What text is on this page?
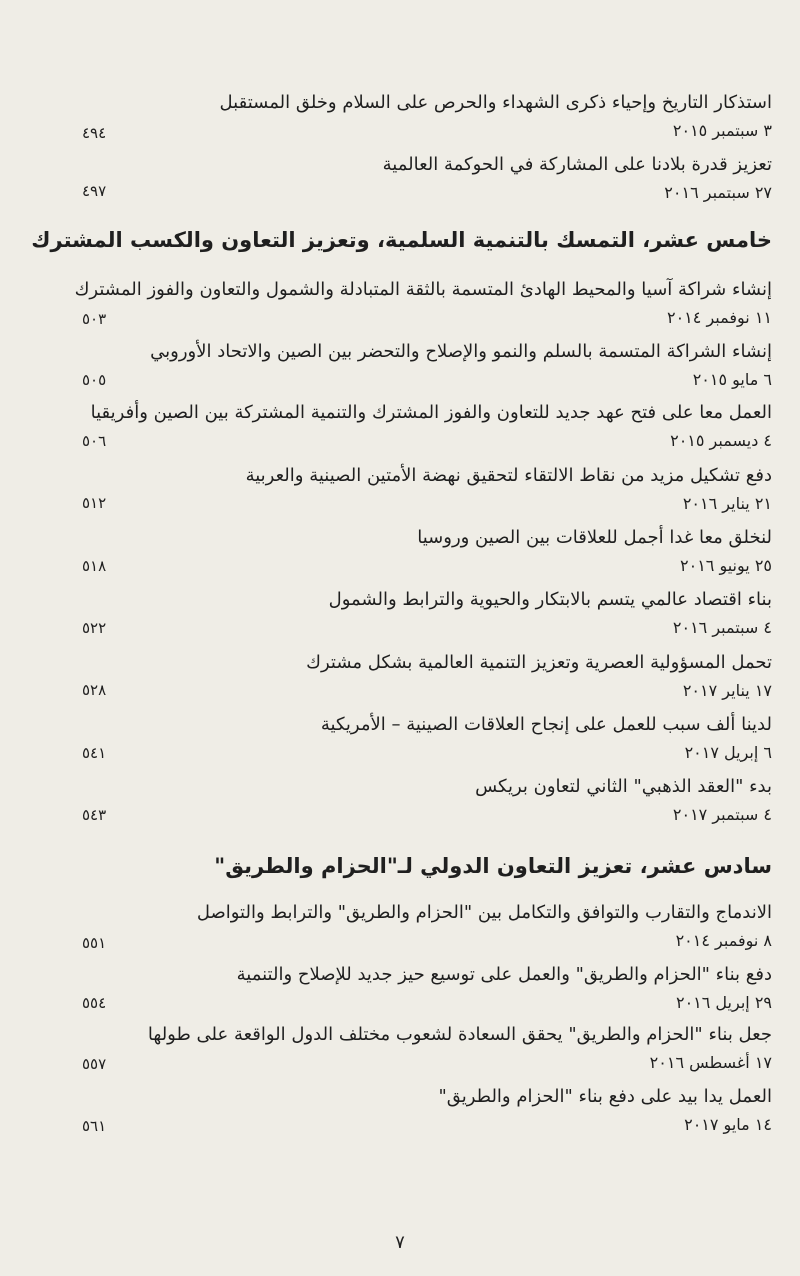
استذكار التاريخ وإحياء ذكرى الشهداء والحرص على السلام وخلق المستقبل
٣ سبتمبر ٢٠١٥
٤٩٤
تعزيز قدرة بلادنا على المشاركة في الحوكمة العالمية
٢٧ سبتمبر ٢٠١٦
٤٩٧
خامس عشر، التمسك بالتنمية السلمية، وتعزيز التعاون والكسب المشترك
إنشاء شراكة آسيا والمحيط الهادئ المتسمة بالثقة المتبادلة والشمول والتعاون والفوز المشترك
١١ نوفمبر ٢٠١٤
٥٠٣
إنشاء الشراكة المتسمة بالسلم والنمو والإصلاح والتحضر بين الصين والاتحاد الأوروبي
٦ مايو ٢٠١٥
٥٠٥
العمل معا على فتح عهد جديد للتعاون والفوز المشترك والتنمية المشتركة بين الصين وأفريقيا
٤ ديسمبر ٢٠١٥
٥٠٦
دفع تشكيل مزيد من نقاط الالتقاء لتحقيق نهضة الأمتين الصينية والعربية
٢١ يناير ٢٠١٦
٥١٢
لنخلق معا غدا أجمل للعلاقات بين الصين وروسيا
٢٥ يونيو ٢٠١٦
٥١٨
بناء اقتصاد عالمي يتسم بالابتكار والحيوية والترابط والشمول
٤ سبتمبر ٢٠١٦
٥٢٢
تحمل المسؤولية العصرية وتعزيز التنمية العالمية بشكل مشترك
١٧ يناير ٢٠١٧
٥٢٨
لدينا ألف سبب للعمل على إنجاح العلاقات الصينية – الأمريكية
٦ إبريل ٢٠١٧
٥٤١
بدء "العقد الذهبي" الثاني لتعاون بريكس
٤ سبتمبر ٢٠١٧
٥٤٣
سادس عشر، تعزيز التعاون الدولي لـ"الحزام والطريق"
الاندماج والتقارب والتوافق والتكامل بين "الحزام والطريق" والترابط والتواصل
٨ نوفمبر ٢٠١٤
٥٥١
دفع بناء "الحزام والطريق" والعمل على توسيع حيز جديد للإصلاح والتنمية
٢٩ إبريل ٢٠١٦
٥٥٤
جعل بناء "الحزام والطريق" يحقق السعادة لشعوب مختلف الدول الواقعة على طولها
١٧ أغسطس ٢٠١٦
٥٥٧
العمل يدا بيد على دفع بناء "الحزام والطريق"
١٤ مايو ٢٠١٧
٥٦١
٧
